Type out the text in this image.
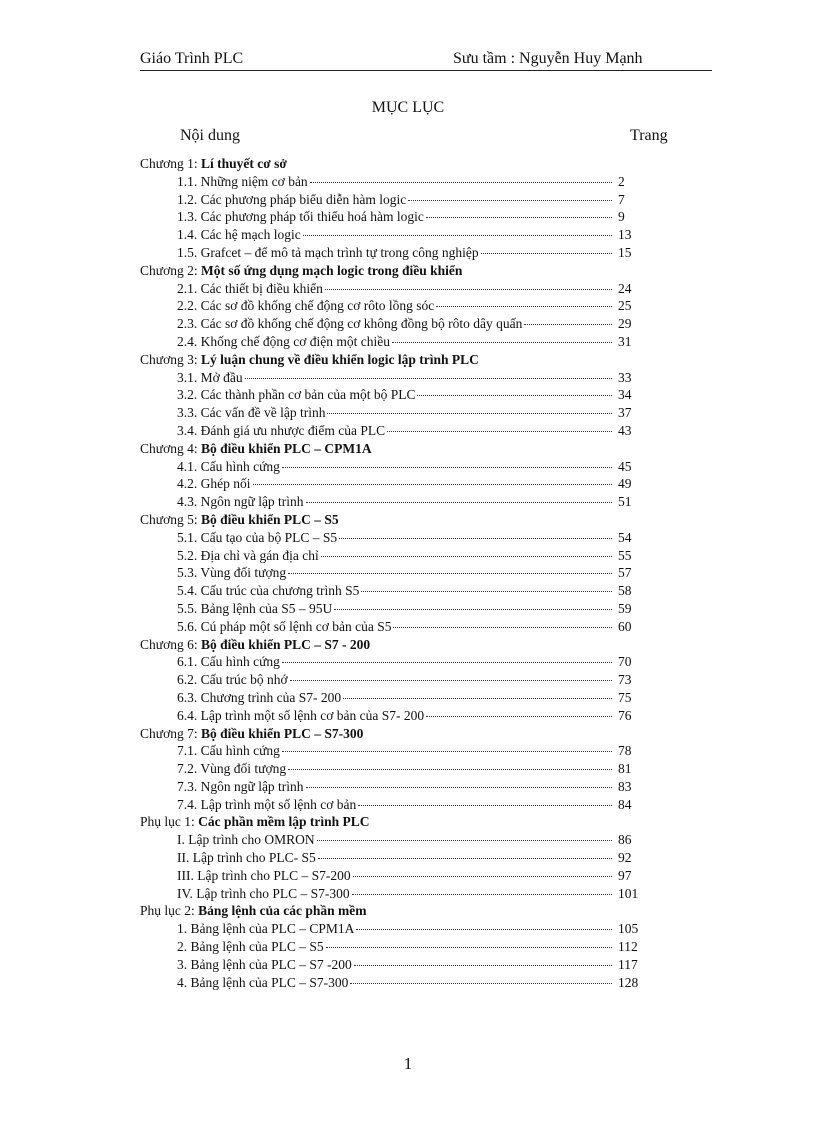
Giáo Trình PLC	Sưu tầm : Nguyễn Huy Mạnh
MỤC LỤC
Nội dung	Trang
Chương 1: Lí thuyết cơ sở
1.1. Những niệm cơ bản	2
1.2. Các phương pháp biểu diễn hàm logic	7
1.3. Các phương pháp tối thiểu hoá hàm logic	9
1.4. Các hệ mạch logic	13
1.5. Grafcet – để mô tả mạch trình tự trong công nghiệp	15
Chương 2: Một số ứng dụng mạch logic trong điều khiển
2.1. Các thiết bị điều khiển	24
2.2. Các sơ đồ khống chế động cơ rôto lồng sóc	25
2.3. Các sơ đồ khống chế động cơ không đồng bộ rôto dây quấn	29
2.4. Khống chế động cơ điện một chiều	31
Chương 3: Lý luận chung về điều khiển logic lập trình PLC
3.1. Mở đầu	33
3.2. Các thành phần cơ bản của một bộ PLC	34
3.3. Các vấn đề về lập trình	37
3.4. Đánh giá ưu nhược điểm của PLC	43
Chương 4: Bộ điều khiển PLC – CPM1A
4.1. Cấu hình cứng	45
4.2. Ghép nối	49
4.3. Ngôn ngữ lập trình	51
Chương 5: Bộ điều khiển PLC – S5
5.1. Cấu tạo của bộ PLC – S5	54
5.2. Địa chỉ và gán địa chỉ	55
5.3. Vùng đối tượng	57
5.4. Cấu trúc của chương trình S5	58
5.5. Bảng lệnh của S5 – 95U	59
5.6. Cú pháp một số lệnh cơ bản của S5	60
Chương 6: Bộ điều khiển PLC – S7 - 200
6.1. Cấu hình cứng	70
6.2. Cấu trúc bộ nhớ	73
6.3. Chương trình của S7- 200	75
6.4. Lập trình một số lệnh cơ bản của S7- 200	76
Chương 7: Bộ điều khiển PLC – S7-300
7.1. Cấu hình cứng	78
7.2. Vùng đối tượng	81
7.3. Ngôn ngữ lập trình	83
7.4. Lập trình một số lệnh cơ bản	84
Phụ lục 1: Các phần mềm lập trình PLC
I. Lập trình cho OMRON	86
II. Lập trình cho PLC- S5	92
III. Lập trình cho PLC – S7-200	97
IV. Lập trình cho PLC – S7-300	101
Phụ lục 2: Bảng lệnh của các phần mềm
1. Bảng lệnh của PLC – CPM1A	105
2. Bảng lệnh của PLC – S5	112
3. Bảng lệnh của PLC – S7 -200	117
4. Bảng lệnh của PLC – S7-300	128
1
